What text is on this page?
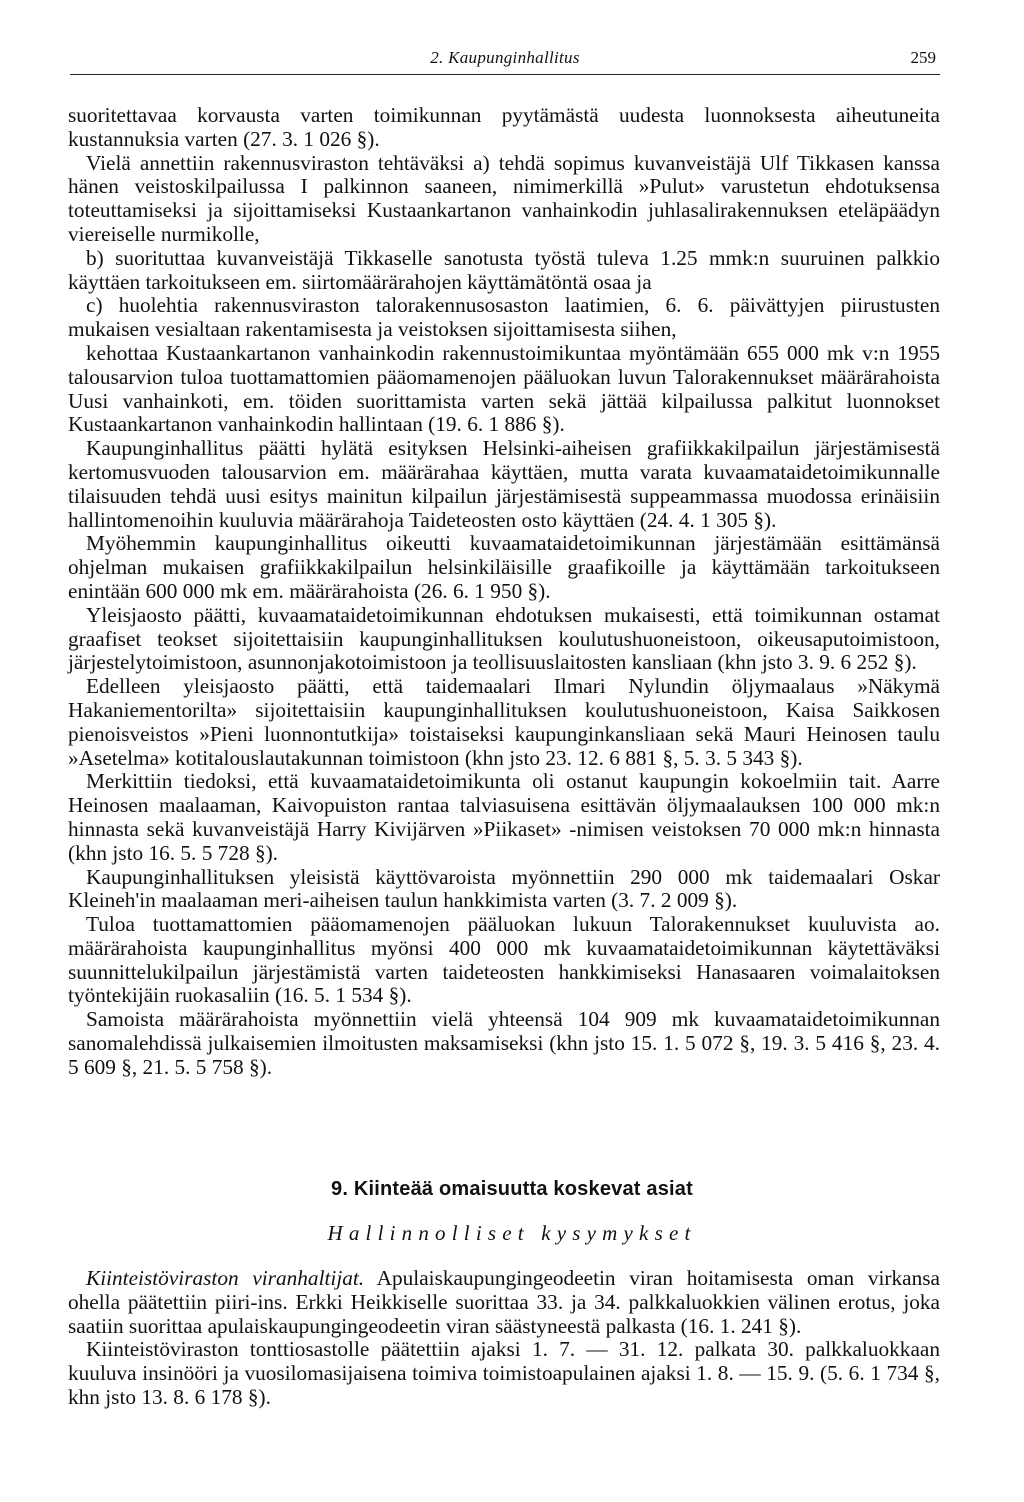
2. Kaupunginhallitus	259

suoritettavaa korvausta varten toimikunnan pyytämästä uudesta luonnoksesta aiheutuneita kustannuksia varten (27. 3. 1 026 §).

Vielä annettiin rakennusviraston tehtäväksi a) tehdä sopimus kuvanveistäjä Ulf Tikkasen kanssa hänen veistoskilpailussa I palkinnon saaneen, nimimerkillä »Pulut» varustetun ehdotuksensa toteuttamiseksi ja sijoittamiseksi Kustaankartanon vanhainkodin juhlasalirakennuksen eteläpäädyn viereiselle nurmikolle,

b) suorituttaa kuvanveistäjä Tikkaselle sanotusta työstä tuleva 1.25 mmk:n suuruinen palkkio käyttäen tarkoitukseen em. siirtomäärärahojen käyttämätöntä osaa ja

c) huolehtia rakennusviraston talorakennusosaston laatimien, 6. 6. päivättyjen piirustusten mukaisen vesialtaan rakentamisesta ja veistoksen sijoittamisesta siihen,

kehottaa Kustaankartanon vanhainkodin rakennustoimikuntaa myöntämään 655 000 mk v:n 1955 talousarvion tuloa tuottamattomien pääomamenojen pääluokan luvun Talorakennukset määrärahoista Uusi vanhainkoti, em. töiden suorittamista varten sekä jättää kilpailussa palkitut luonnokset Kustaankartanon vanhainkodin hallintaan (19. 6. 1 886 §).

Kaupunginhallitus päätti hylätä esityksen Helsinki-aiheisen grafiikkakilpailun järjestämisestä kertomusvuoden talousarvion em. määrärahaa käyttäen, mutta varata kuvaamataidetoimikunnalle tilaisuuden tehdä uusi esitys mainitun kilpailun järjestämisestä suppeammassa muodossa erinäisiin hallintomenoihin kuuluvia määrärahoja Taideteosten osto käyttäen (24. 4. 1 305 §).

Myöhemmin kaupunginhallitus oikeutti kuvaamataidetoimikunnan järjestämään esittämänsä ohjelman mukaisen grafiikkakilpailun helsinkiläisille graafikoille ja käyttämään tarkoitukseen enintään 600 000 mk em. määrärahoista (26. 6. 1 950 §).

Yleisjaosto päätti, kuvaamataidetoimikunnan ehdotuksen mukaisesti, että toimikunnan ostamat graafiset teokset sijoitettaisiin kaupunginhallituksen koulutushuoneistoon, oikeusaputoimistoon, järjestelytoimistoon, asunnonjakotoimistoon ja teollisuuslaitosten kansliaan (khn jsto 3. 9. 6 252 §).

Edelleen yleisjaosto päätti, että taidemaalari Ilmari Nylundin öljymaalaus »Näkymä Hakaniementorilta» sijoitettaisiin kaupunginhallituksen koulutushuoneistoon, Kaisa Saikkosen pienoisveistos »Pieni luonnontutkija» toistaiseksi kaupunginkansliaan sekä Mauri Heinosen taulu »Asetelma» kotitalouslautakunnan toimistoon (khn jsto 23. 12. 6 881 §, 5. 3. 5 343 §).

Merkittiin tiedoksi, että kuvaamataidetoimikunta oli ostanut kaupungin kokoelmiin tait. Aarre Heinosen maalaaman, Kaivopuiston rantaa talviasuisena esittävän öljymaalauksen 100 000 mk:n hinnasta sekä kuvanveistäjä Harry Kivijärven »Piikaset» -nimisen veistoksen 70 000 mk:n hinnasta (khn jsto 16. 5. 5 728 §).

Kaupunginhallituksen yleisistä käyttövaroista myönnettiin 290 000 mk taidemaalari Oskar Kleineh'in maalaaman meri-aiheisen taulun hankkimista varten (3. 7. 2 009 §).

Tuloa tuottamattomien pääomamenojen pääluokan lukuun Talorakennukset kuuluvista ao. määrärahoista kaupunginhallitus myönsi 400 000 mk kuvaamataidetoimikunnan käytettäväksi suunnittelukilpailun järjestämistä varten taideteosten hankkimiseksi Hanasaaren voimalaitoksen työntekijäin ruokasaliin (16. 5. 1 534 §).

Samoista määrärahoista myönnettiin vielä yhteensä 104 909 mk kuvaamataidetoimikunnan sanomalehdissä julkaisemien ilmoitusten maksamiseksi (khn jsto 15. 1. 5 072 §, 19. 3. 5 416 §, 23. 4. 5 609 §, 21. 5. 5 758 §).

9. Kiinteää omaisuutta koskevat asiat
Hallinnolliset kysymykset

Kiinteistöviraston viranhaltijat. Apulaiskaupungingeodeetin viran hoitamisesta oman virkansa ohella päätettiin piiri-ins. Erkki Heikkiselle suorittaa 33. ja 34. palkkaluokkien välinen erotus, joka saatiin suorittaa apulaiskaupungingeodeetin viran säästyneestä palkasta (16. 1. 241 §).

Kiinteistöviraston tonttiosastolle päätettiin ajaksi 1. 7. — 31. 12. palkata 30. palkkaluokkaan kuuluva insinööri ja vuosilomasijaisena toimiva toimistoapulainen ajaksi 1. 8. — 15. 9. (5. 6. 1 734 §, khn jsto 13. 8. 6 178 §).
